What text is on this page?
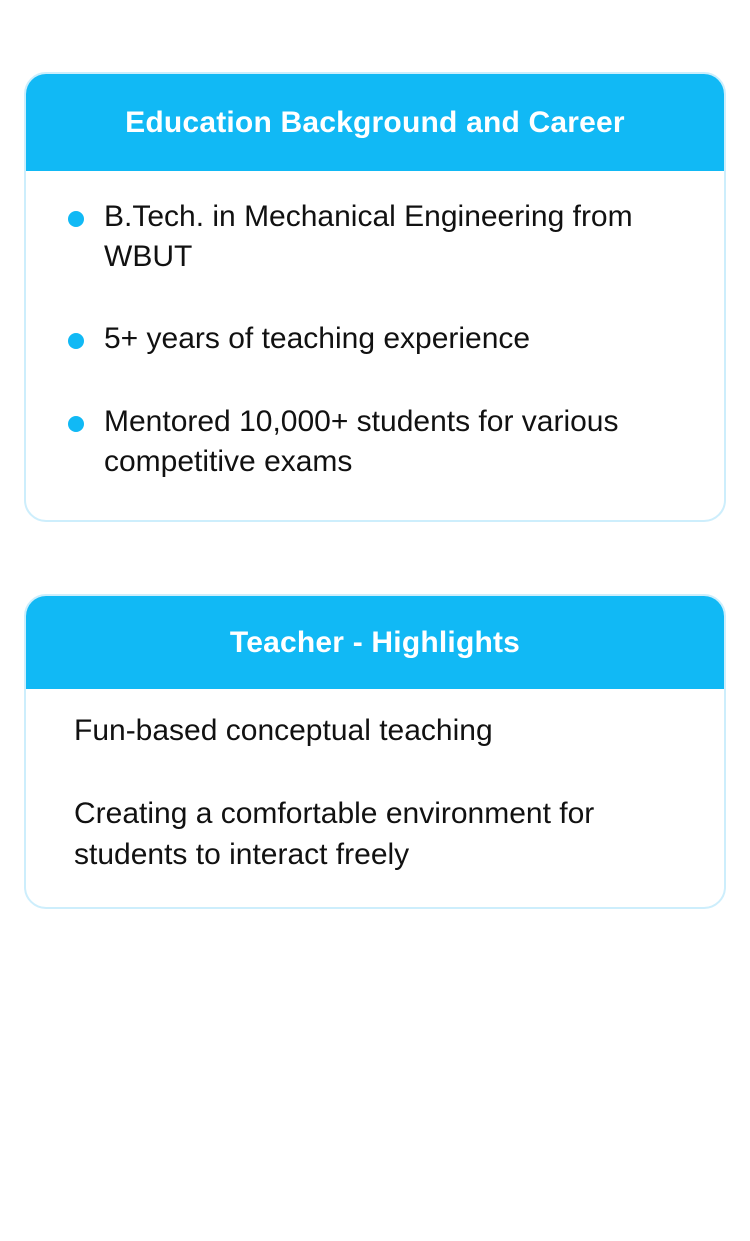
Education Background and Career
B.Tech. in Mechanical Engineering from WBUT
5+ years of teaching experience
Mentored 10,000+ students for various competitive exams
Teacher - Highlights
Fun-based conceptual teaching
Creating a comfortable environment for students to interact freely
